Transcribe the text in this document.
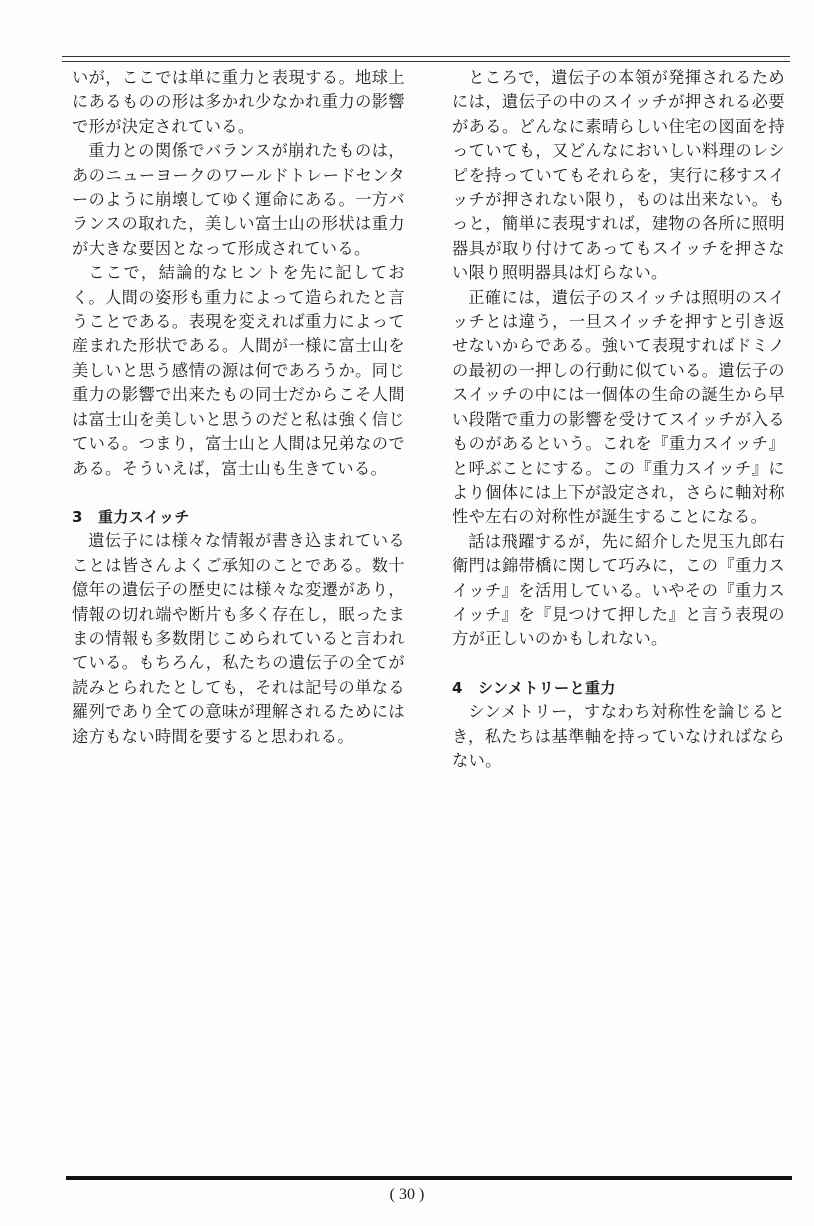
いが，ここでは単に重力と表現する。地球上にあるものの形は多かれ少なかれ重力の影響で形が決定されている。

重力との関係でバランスが崩れたものは，あのニューヨークのワールドトレードセンターのように崩壊してゆく運命にある。一方バランスの取れた，美しい富士山の形状は重力が大きな要因となって形成されている。

ここで，結論的なヒントを先に記しておく。人間の姿形も重力によって造られたと言うことである。表現を変えれば重力によって産まれた形状である。人間が一様に富士山を美しいと思う感情の源は何であろうか。同じ重力の影響で出来たもの同士だからこそ人間は富士山を美しいと思うのだと私は強く信じている。つまり，富士山と人間は兄弟なのである。そういえば，富士山も生きている。

3 重力スイッチ

遺伝子には様々な情報が書き込まれていることは皆さんよくご承知のことである。数十億年の遺伝子の歴史には様々な変遷があり，情報の切れ端や断片も多く存在し，眠ったままの情報も多数閉じこめられていると言われている。もちろん，私たちの遺伝子の全てが読みとられたとしても，それは記号の単なる羅列であり全ての意味が理解されるためには途方もない時間を要すると思われる。

ところで，遺伝子の本領が発揮されるためには，遺伝子の中のスイッチが押される必要がある。どんなに素晴らしい住宅の図面を持っていても，又どんなにおいしい料理のレシピを持っていてもそれらを，実行に移すスイッチが押されない限り，ものは出来ない。もっと，簡単に表現すれば，建物の各所に照明器具が取り付けてあってもスイッチを押さない限り照明器具は灯らない。

正確には，遺伝子のスイッチは照明のスイッチとは違う，一旦スイッチを押すと引き返せないからである。強いて表現すればドミノの最初の一押しの行動に似ている。遺伝子のスイッチの中には一個体の生命の誕生から早い段階で重力の影響を受けてスイッチが入るものがあるという。これを『重力スイッチ』と呼ぶことにする。この『重力スイッチ』により個体には上下が設定され，さらに軸対称性や左右の対称性が誕生することになる。

話は飛躍するが，先に紹介した児玉九郎右衛門は錦帯橋に関して巧みに，この『重力スイッチ』を活用している。いやその『重力スイッチ』を『見つけて押した』と言う表現の方が正しいのかもしれない。

4 シンメトリーと重力

シンメトリー，すなわち対称性を論じるとき，私たちは基準軸を持っていなければならない。

( 30 )
